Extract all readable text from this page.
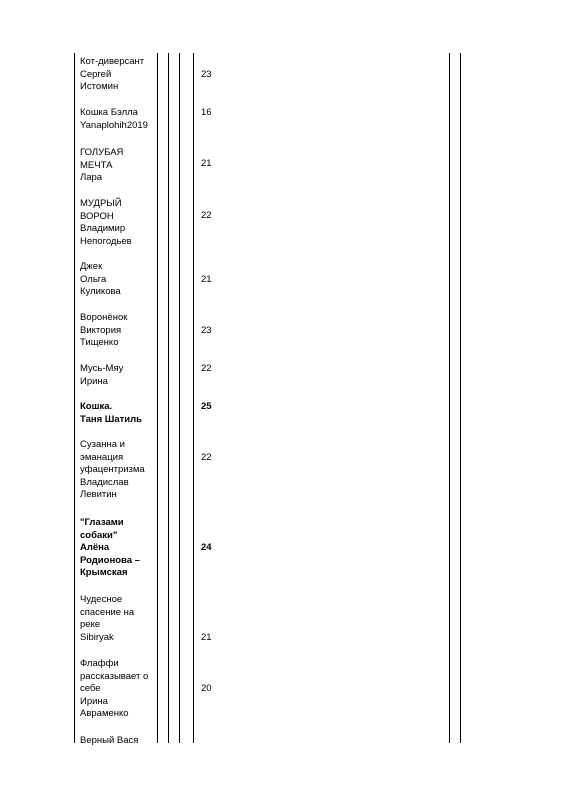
Кот-диверсант
Сергей
Истомин
23
Кошка Бэлла
Yanaplohih2019
16
ГОЛУБАЯ
МЕЧТА
Лара
21
МУДРЫЙ
ВОРОН
Владимир
Непогодьев
22
Джек
Ольга
Куликова
21
Воронёнок
Виктория
Тищенко
23
Мусь-Мяу
Ирина
22
Кошка.
Таня Шатиль
25
Сузанна и
эманация
уфацентризма
Владислав
Левитин
22
"Глазами
собаки"
Алёна
Родионова –
Крымская
24
Чудесное
спасение на
реке
Sibiryak	21
Флаффи
рассказывает о
себе
Ирина
Авраменко
20
Верный Вася
